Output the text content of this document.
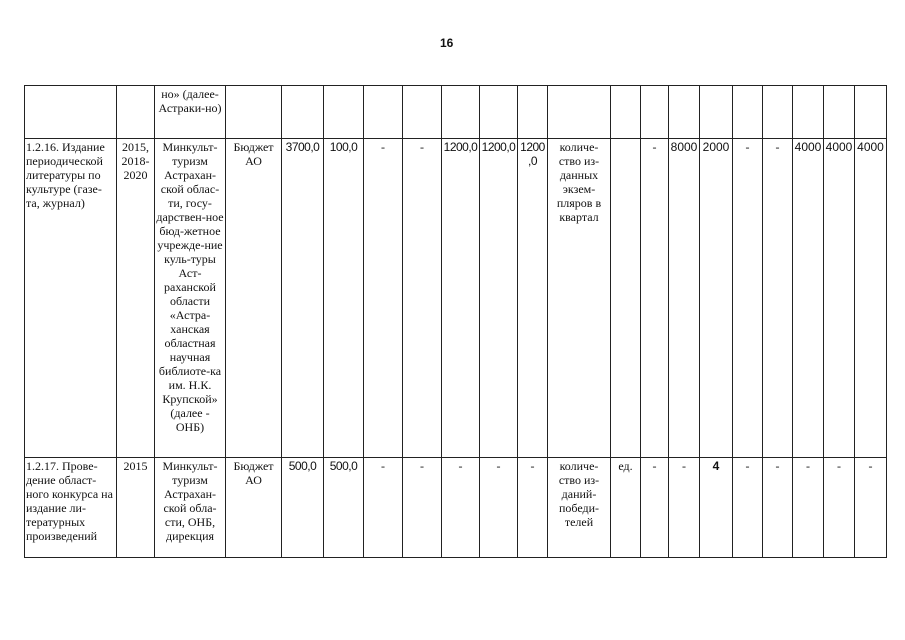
16
		но» (далее-Астраки-но)																		
1.2.16. Издание периодической литературы по культуре (газе-та, журнал)	2015, 2018-2020	Минкульт-туризм Астрахан-ской облас-ти, госу-дарствен-ное бюд-жетное учрежде-ние куль-туры Аст-раханской области «Астра-ханская областная научная библиоте-ка им. Н.К. Крупской» (далее - ОНБ)	Бюджет АО	3700,0	100,0	-	-	1200,0	1200,0	1200,0	количе-ство из-данных экзем-пляров в квартал		-	8000	2000	-	-	4000	4000	4000
1.2.17. Прове-дение област-ного конкурса на издание ли-тературных произведений	2015	Минкульт-туризм Астрахан-ской обла-сти, ОНБ, дирекция	Бюджет АО	500,0	500,0	-	-	-	-	-	количе-ство из-даний-победи-телей	ед.	-	-	4	-	-	-	-	-
